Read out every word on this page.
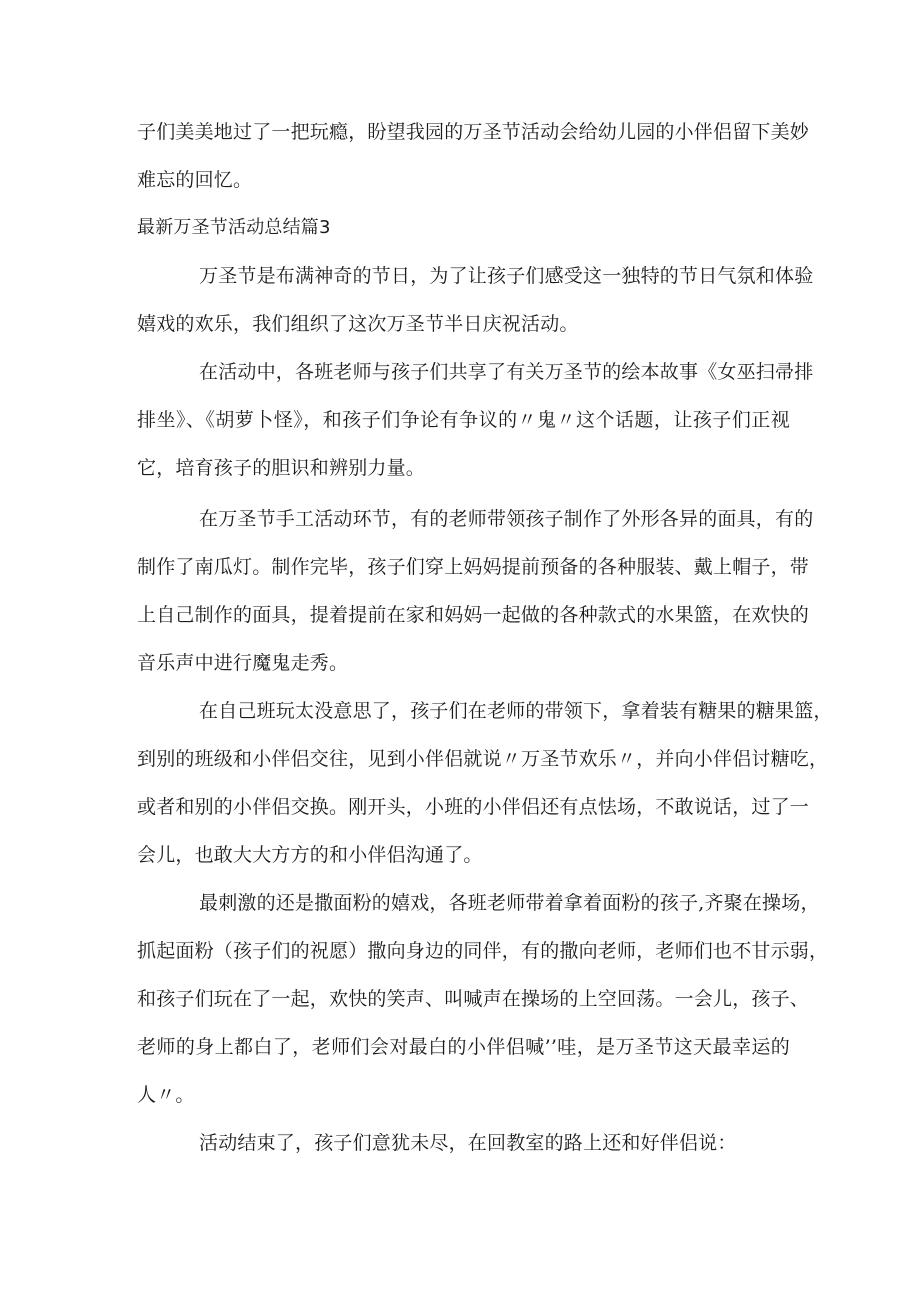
子们美美地过了一把玩瘾，盼望我园的万圣节活动会给幼儿园的小伴侣留下美妙
难忘的回忆。
最新万圣节活动总结篇3
万圣节是布满神奇的节日，为了让孩子们感受这一独特的节日气氛和体验
嬉戏的欢乐，我们组织了这次万圣节半日庆祝活动。
在活动中，各班老师与孩子们共享了有关万圣节的绘本故事《女巫扫帚排
排坐》、《胡萝卜怪》，和孩子们争论有争议的〃鬼〃这个话题，让孩子们正视
它，培育孩子的胆识和辨别力量。
在万圣节手工活动环节，有的老师带领孩子制作了外形各异的面具，有的
制作了南瓜灯。制作完毕，孩子们穿上妈妈提前预备的各种服装、戴上帽子，带
上自己制作的面具，提着提前在家和妈妈一起做的各种款式的水果篮，在欢快的
音乐声中进行魔鬼走秀。
在自己班玩太没意思了，孩子们在老师的带领下，拿着装有糖果的糖果篮，
到别的班级和小伴侣交往，见到小伴侣就说〃万圣节欢乐〃，并向小伴侣讨糖吃，
或者和别的小伴侣交换。刚开头，小班的小伴侣还有点怯场，不敢说话，过了一
会儿，也敢大大方方的和小伴侣沟通了。
最刺激的还是撒面粉的嬉戏，各班老师带着拿着面粉的孩子,齐聚在操场，
抓起面粉（孩子们的祝愿）撒向身边的同伴，有的撒向老师，老师们也不甘示弱，
和孩子们玩在了一起，欢快的笑声、叫喊声在操场的上空回荡。一会儿，孩子、
老师的身上都白了，老师们会对最白的小伴侣喊’’哇，是万圣节这天最幸运的
人〃。
活动结束了，孩子们意犹未尽，在回教室的路上还和好伴侣说：
